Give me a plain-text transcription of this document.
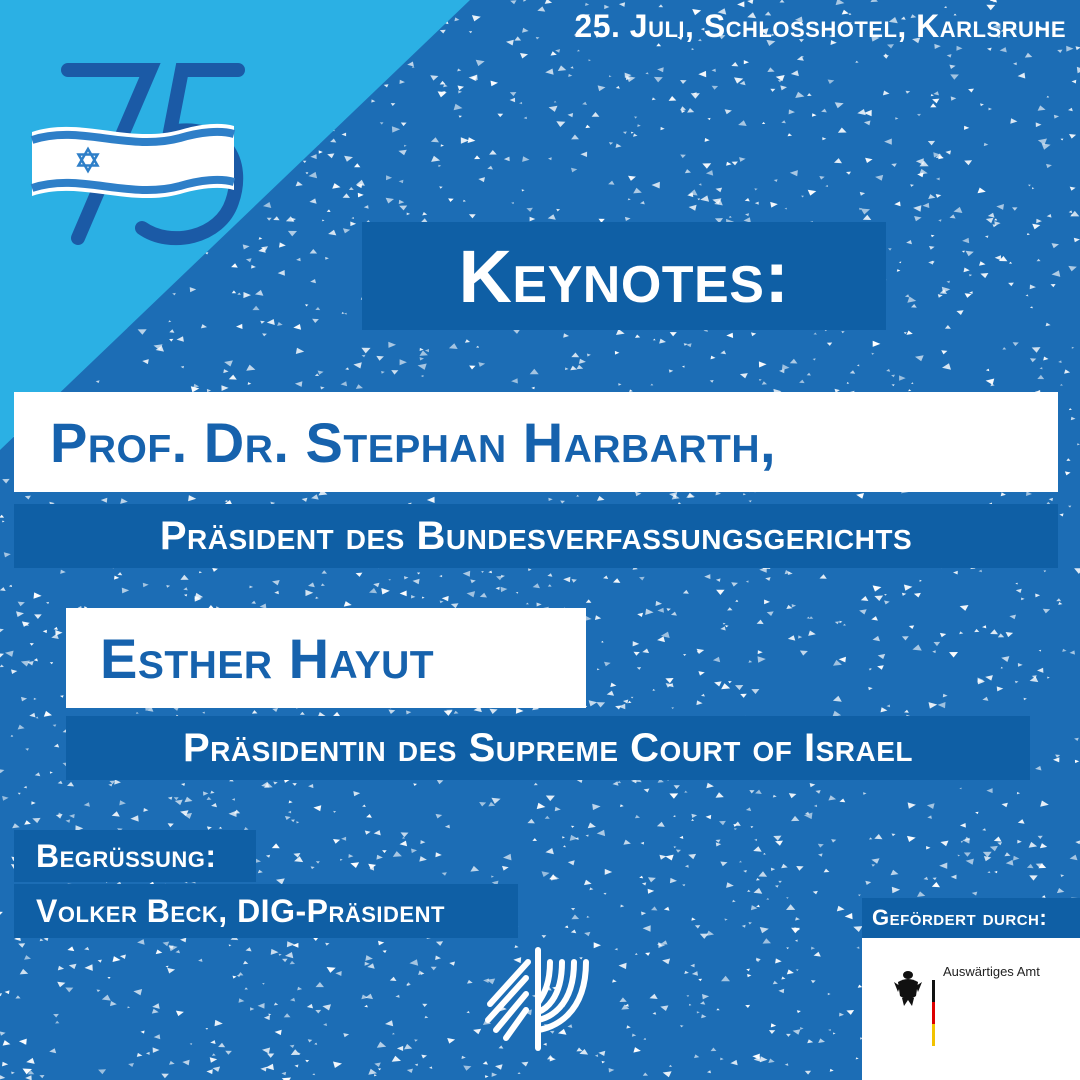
25. Juli, Schlosshotel, Karlsruhe
Keynotes:
Prof. Dr. Stephan Harbarth,
Präsident des Bundesverfassungsgerichts
Esther Hayut
Präsidentin des Supreme Court of Israel
Begrüßung:
Volker Beck, DIG-Präsident	Gefördert durch:
Auswärtiges Amt
